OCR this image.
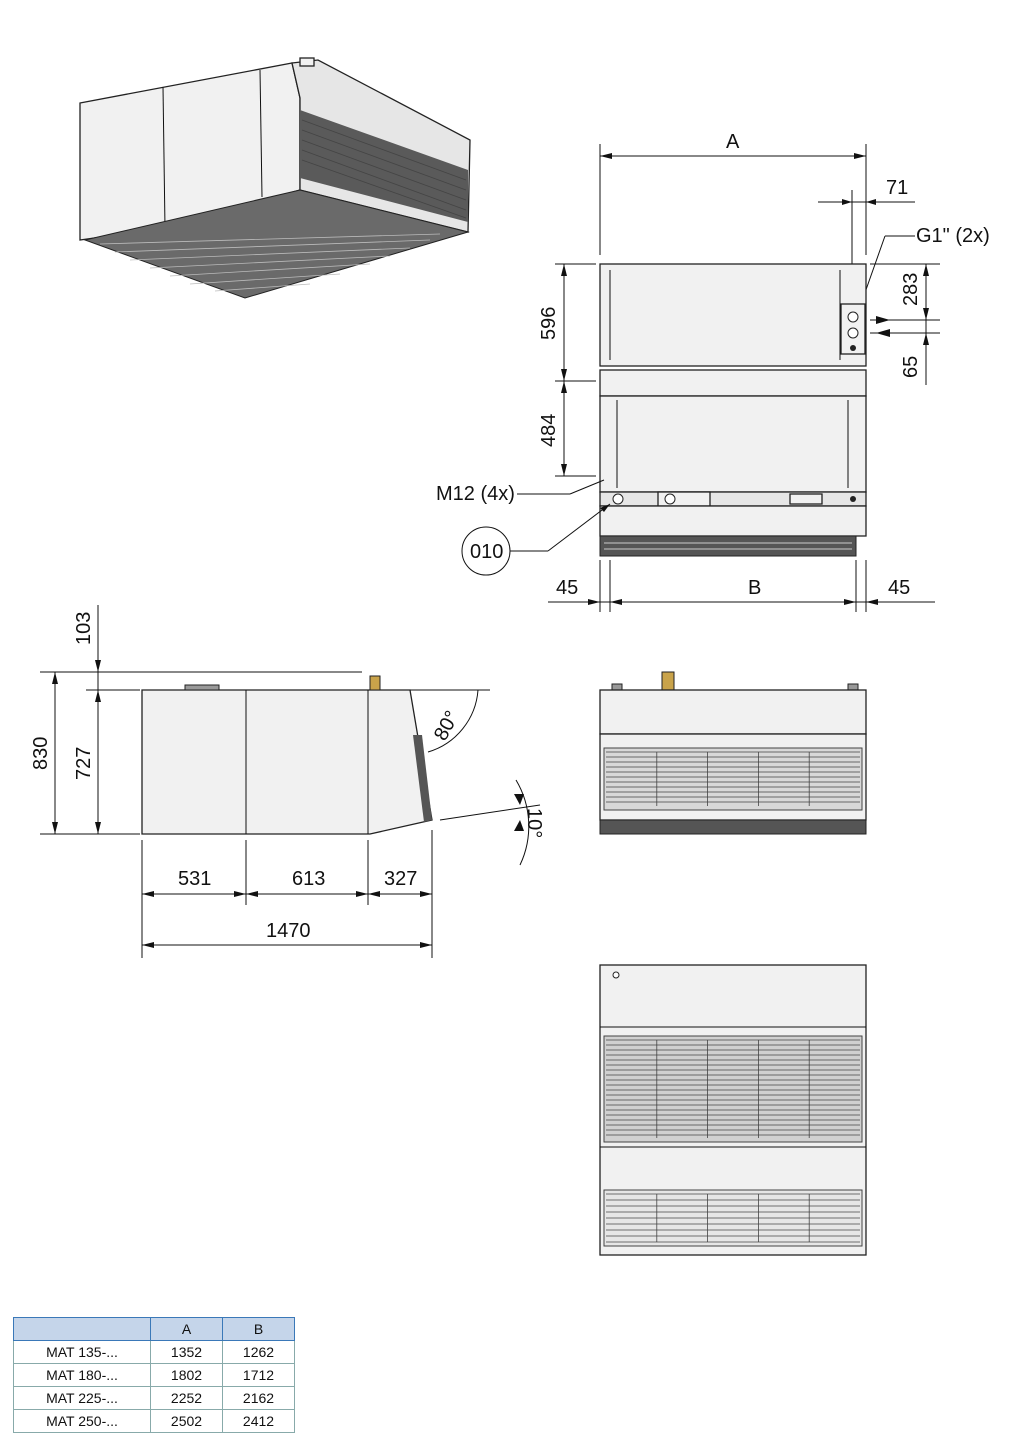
A
71
G1" (2x)
596
484
283
65
M12 (4x)
010
45	B	45
103
830 727
80°
10°
531	613	327
1470
	A	B
MAT 135-...	1352	1262
MAT 180-...	1802	1712
MAT 225-...	2252	2162
MAT 250-...	2502	2412
